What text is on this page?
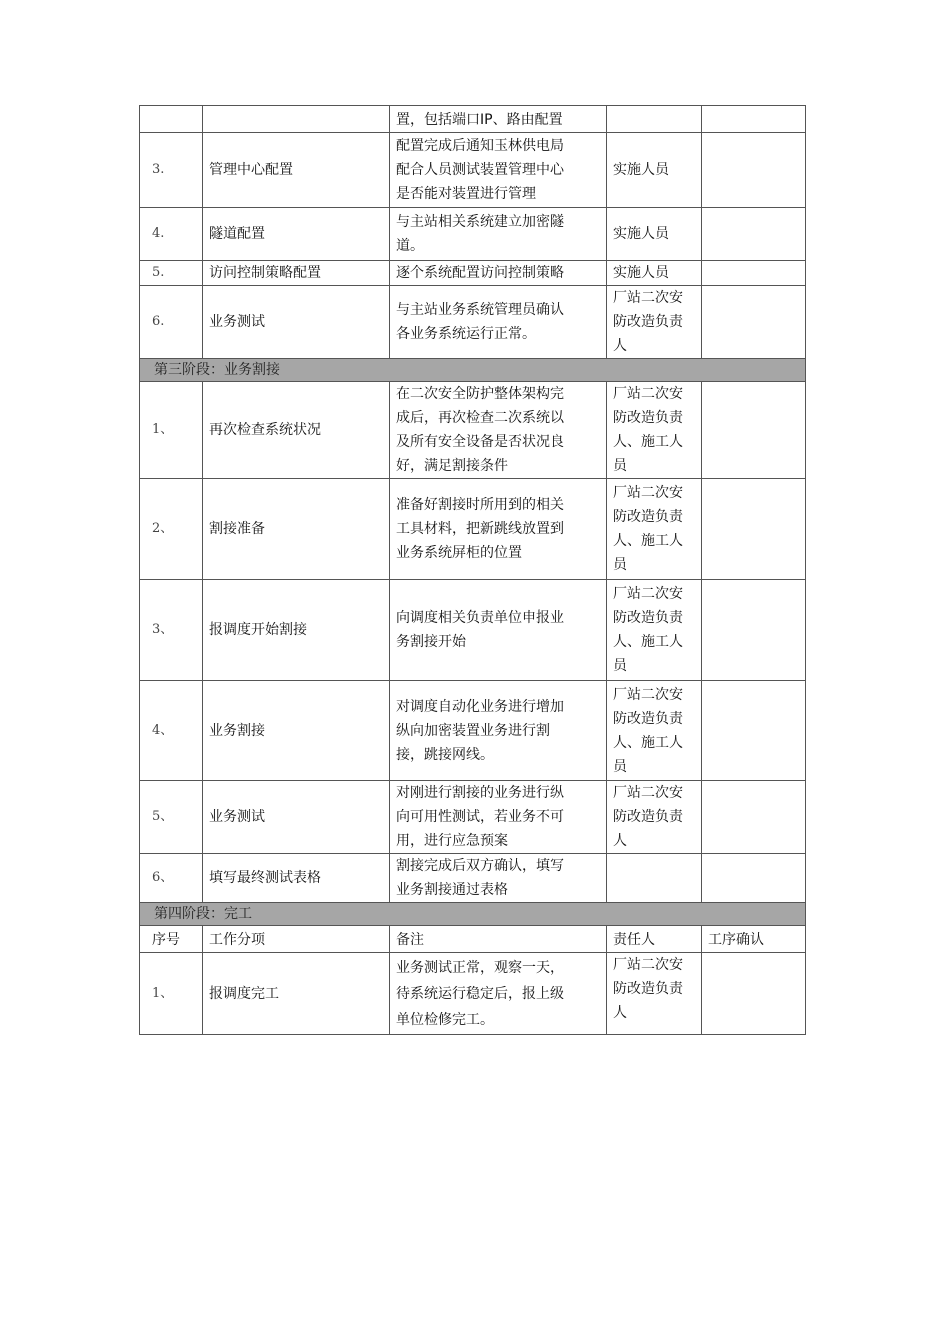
		置，包括端口IP、路由配置		

3.	管理中心配置	配置完成后通知玉林供电局
配合人员测试装置管理中心
是否能对装置进行管理	实施人员	
4.	隧道配置	与主站相关系统建立加密隧
道。	实施人员	
5.	访问控制策略配置	逐个系统配置访问控制策略	实施人员	
6.	业务测试	与主站业务系统管理员确认
各业务系统运行正常。	厂站二次安
防改造负责
人	

第三阶段：业务割接				
1、	再次检查系统状况	在二次安全防护整体架构完
成后，再次检查二次系统以
及所有安全设备是否状况良
好，满足割接条件	厂站二次安
防改造负责
人、施工人
员	

2、	割接准备	准备好割接时所用到的相关
工具材料，把新跳线放置到
业务系统屏柜的位置	厂站二次安
防改造负责
人、施工人
员	

3、	报调度开始割接	向调度相关负责单位申报业
务割接开始	厂站二次安
防改造负责
人、施工人
员	

4、	业务割接	对调度自动化业务进行增加
纵向加密装置业务进行割
接，跳接网线。	厂站二次安
防改造负责
人、施工人
员	

5、	业务测试	对刚进行割接的业务进行纵
向可用性测试，若业务不可
用，进行应急预案	厂站二次安
防改造负责
人	

6、	填写最终测试表格	割接完成后双方确认，填写
业务割接通过表格		

第四阶段：完工				
序号	工作分项	备注	责任人	工序确认
1、	报调度完工	业务测试正常，观察一天，
待系统运行稳定后，报上级
单位检修完工。	厂站二次安
防改造负责
人	
